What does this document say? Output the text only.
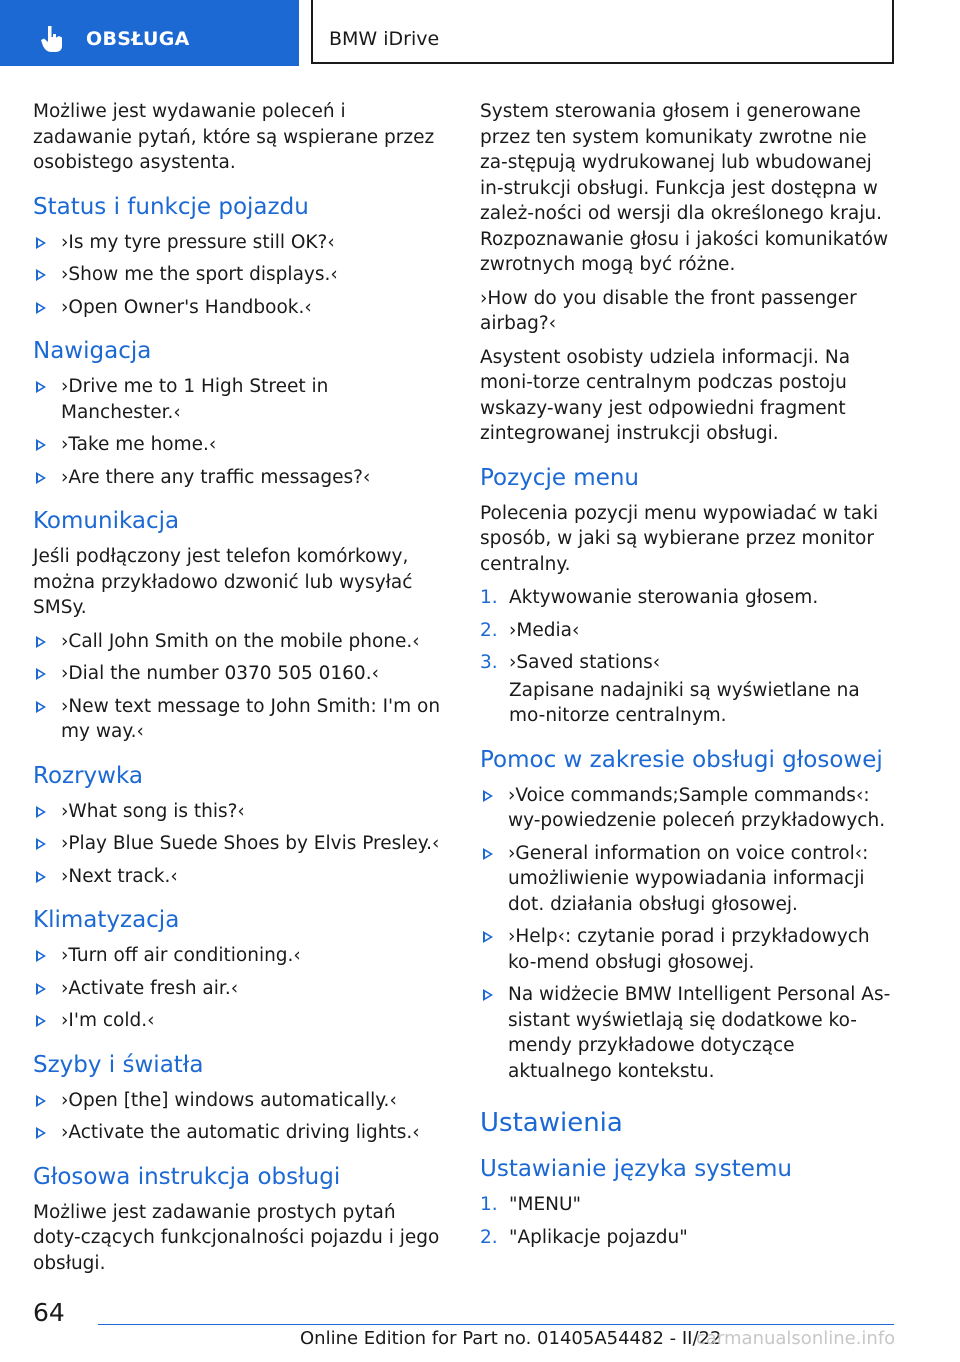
OBSŁUGA	BMW iDrive

Możliwe jest wydawanie poleceń i zadawanie pytań, które są wspierane przez osobistego asystenta.

Status i funkcje pojazdu
›Is my tyre pressure still OK?‹
›Show me the sport displays.‹
›Open Owner's Handbook.‹
Nawigacja
›Drive me to 1 High Street in Manchester.‹
›Take me home.‹
›Are there any traffic messages?‹
Komunikacja

Jeśli podłączony jest telefon komórkowy, można przykładowo dzwonić lub wysyłać SMSy.

›Call John Smith on the mobile phone.‹
›Dial the number 0370 505 0160.‹
›New text message to John Smith: I'm on my way.‹
Rozrywka
›What song is this?‹
›Play Blue Suede Shoes by Elvis Presley.‹
›Next track.‹
Klimatyzacja
›Turn off air conditioning.‹
›Activate fresh air.‹
›I'm cold.‹
Szyby i światła
›Open [the] windows automatically.‹
›Activate the automatic driving lights.‹
Głosowa instrukcja obsługi

Możliwe jest zadawanie prostych pytań doty-czących funkcjonalności pojazdu i jego obsługi.

System sterowania głosem i generowane przez ten system komunikaty zwrotne nie za-stępują wydrukowanej lub wbudowanej in-strukcji obsługi. Funkcja jest dostępna w zależ-ności od wersji dla określonego kraju. Rozpoznawanie głosu i jakości komunikatów zwrotnych mogą być różne.

›How do you disable the front passenger airbag?‹

Asystent osobisty udziela informacji. Na moni-torze centralnym podczas postoju wskazy-wany jest odpowiedni fragment zintegrowanej instrukcji obsługi.

Pozycje menu

Polecenia pozycji menu wypowiadać w taki sposób, w jaki są wybierane przez monitor centralny.

1. Aktywowanie sterowania głosem.
2. ›Media‹
3. ›Saved stations‹
Zapisane nadajniki są wyświetlane na mo-nitorze centralnym.
Pomoc w zakresie obsługi głosowej
›Voice commands;Sample commands‹: wy-powiedzenie poleceń przykładowych.
›General information on voice control‹: umożliwienie wypowiadania informacji dot. działania obsługi głosowej.
›Help‹: czytanie porad i przykładowych ko-mend obsługi głosowej.
Na widżecie BMW Intelligent Personal As-sistant wyświetlają się dodatkowe ko-mendy przykładowe dotyczące aktualnego kontekstu.
Ustawienia
Ustawianie języka systemu
1. "MENU"
2. "Aplikacje pojazdu"
64
Online Edition for Part no. 01405A54482 - II/22
carmanualsonline.info
